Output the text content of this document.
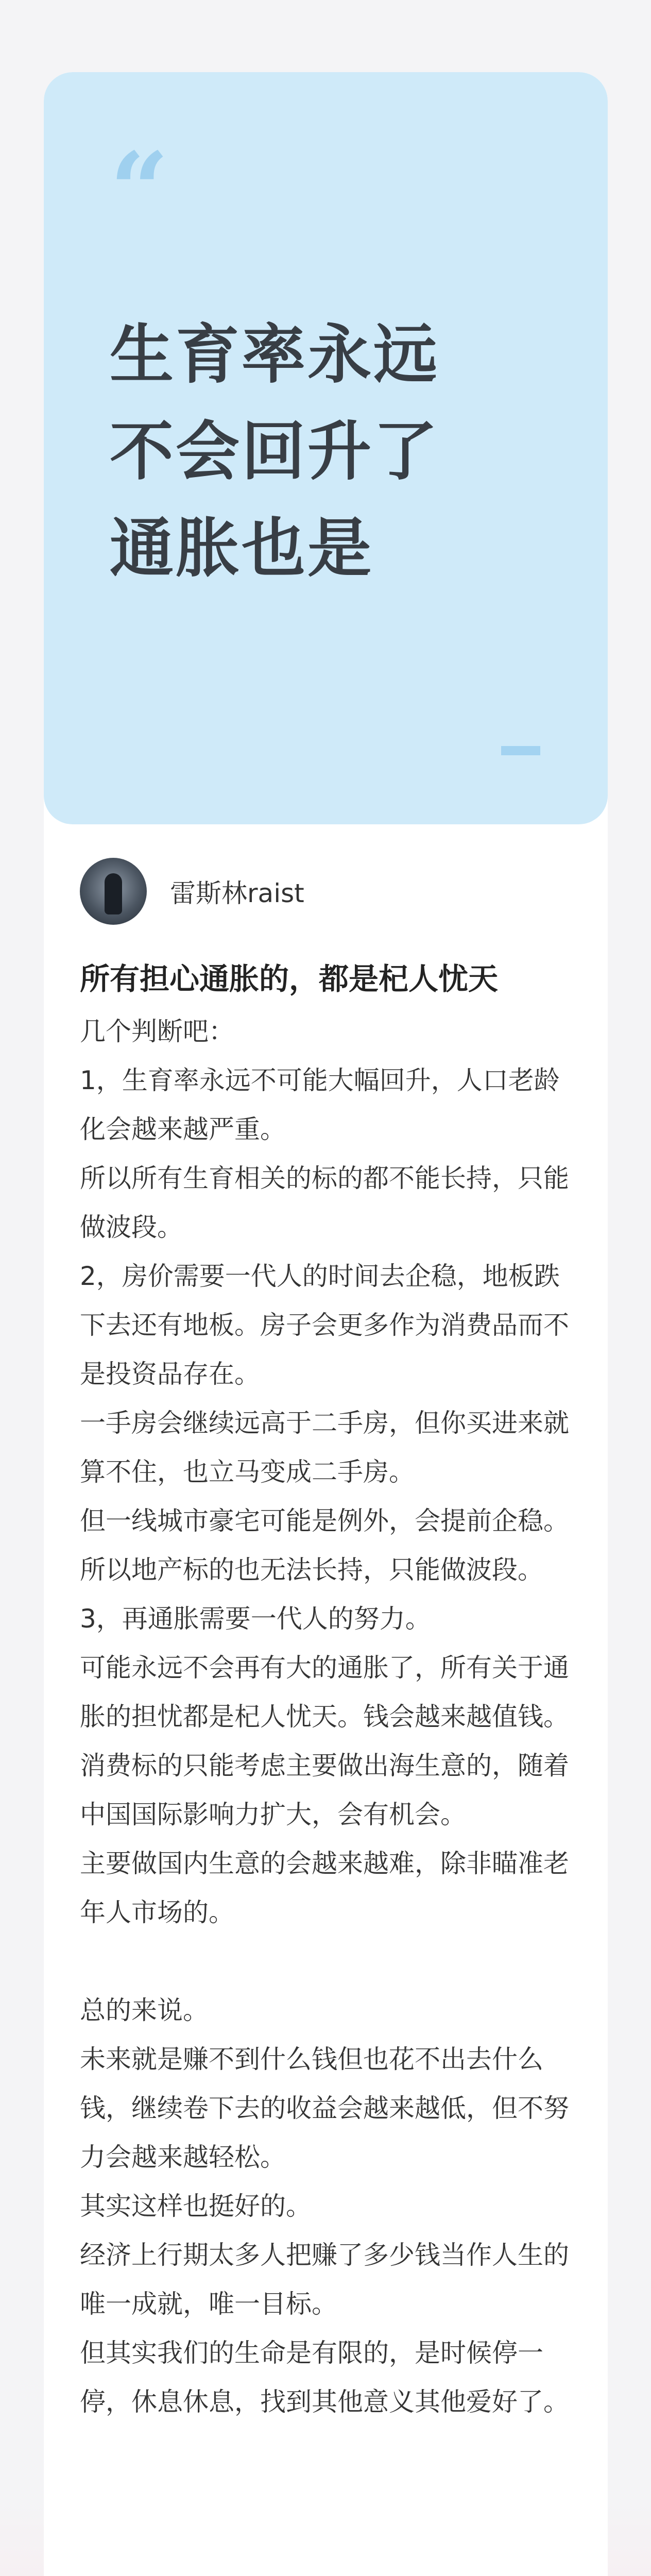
“

生育率永远

不会回升了

通胀也是

雷斯林raist
所有担心通胀的，都是杞人忧天

几个判断吧：

1，生育率永远不可能大幅回升，人口老龄化会越来越严重。

所以所有生育相关的标的都不能长持，只能做波段。

2，房价需要一代人的时间去企稳，地板跌下去还有地板。房子会更多作为消费品而不是投资品存在。

一手房会继续远高于二手房，但你买进来就算不住，也立马变成二手房。

但一线城市豪宅可能是例外，会提前企稳。

所以地产标的也无法长持，只能做波段。

3，再通胀需要一代人的努力。

可能永远不会再有大的通胀了，所有关于通胀的担忧都是杞人忧天。钱会越来越值钱。

消费标的只能考虑主要做出海生意的，随着中国国际影响力扩大，会有机会。

主要做国内生意的会越来越难，除非瞄准老年人市场的。

总的来说。

未来就是赚不到什么钱但也花不出去什么钱，继续卷下去的收益会越来越低，但不努力会越来越轻松。

其实这样也挺好的。

经济上行期太多人把赚了多少钱当作人生的唯一成就，唯一目标。

但其实我们的生命是有限的，是时候停一停，休息休息，找到其他意义其他爱好了。
